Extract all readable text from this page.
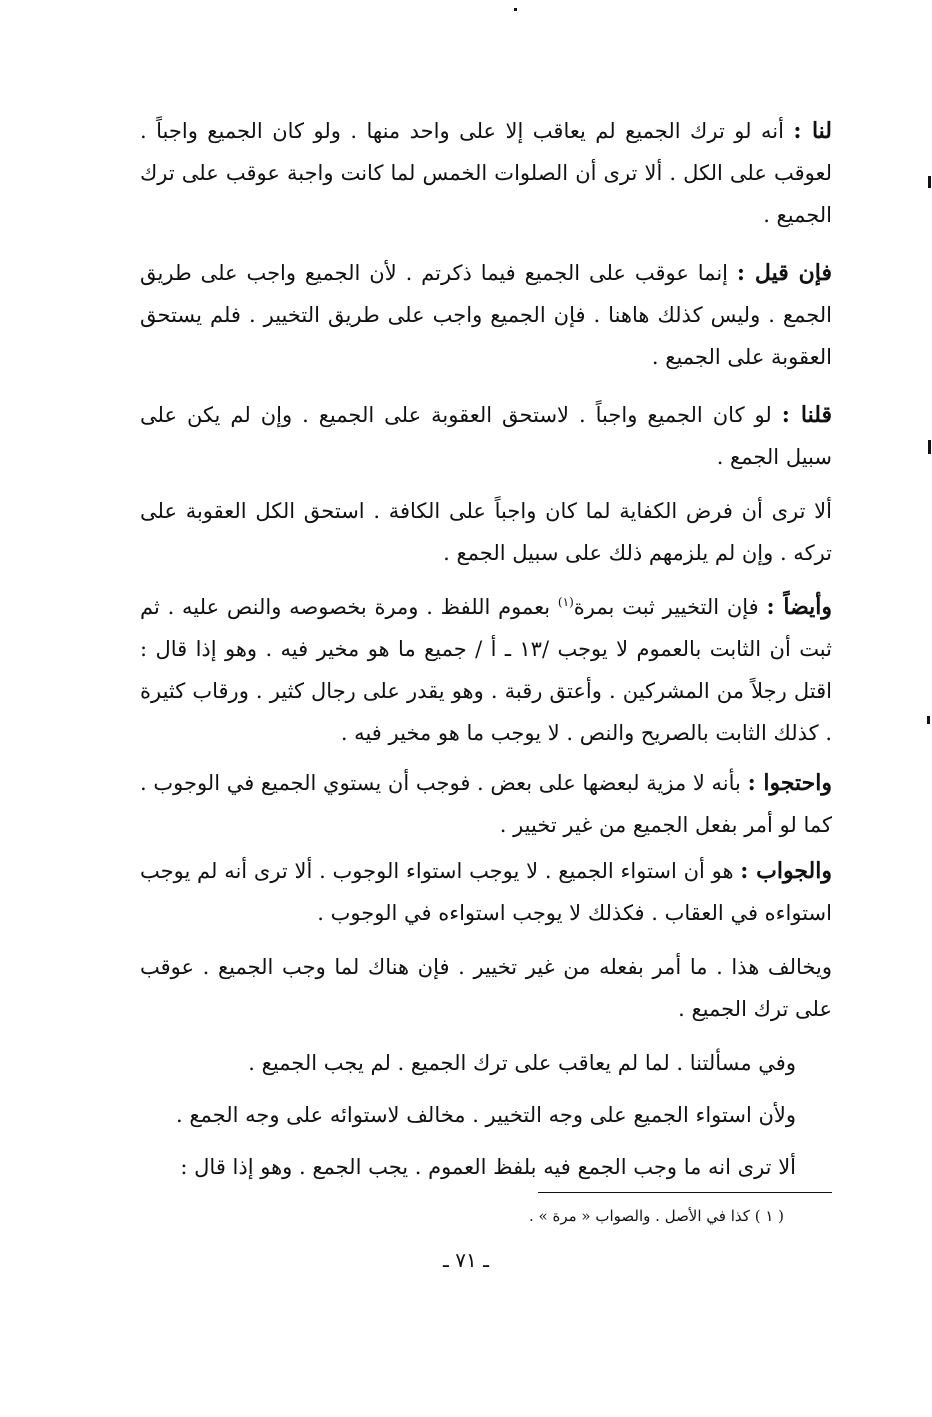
لنا : أنه لو ترك الجميع لم يعاقب إلا على واحد منها . ولو كان الجميع واجباً . لعوقب على الكل . ألا ترى أن الصلوات الخمس لما كانت واجبة عوقب على ترك الجميع .

فإن قيل : إنما عوقب على الجميع فيما ذكرتم . لأن الجميع واجب على طريق الجمع . وليس كذلك هاهنا . فإن الجميع واجب على طريق التخيير . فلم يستحق العقوبة على الجميع .

قلنا : لو كان الجميع واجباً . لاستحق العقوبة على الجميع . وإن لم يكن على سبيل الجمع .

ألا ترى أن فرض الكفاية لما كان واجباً على الكافة . استحق الكل العقوبة على تركه . وإن لم يلزمهم ذلك على سبيل الجمع .

وأيضاً : فإن التخيير ثبت بمرة$^{(١)}$ بعموم اللفظ . ومرة بخصوصه والنص عليه . ثم ثبت أن الثابت بالعموم لا يوجب /١٣ ـ أ / جميع ما هو مخير فيه . وهو إذا قال : اقتل رجلاً من المشركين . وأعتق رقبة . وهو يقدر على رجال كثير . ورقاب كثيرة . كذلك الثابت بالصريح والنص . لا يوجب ما هو مخير فيه .

واحتجوا : بأنه لا مزية لبعضها على بعض . فوجب أن يستوي الجميع في الوجوب . كما لو أمر بفعل الجميع من غير تخيير .

والجواب : هو أن استواء الجميع . لا يوجب استواء الوجوب . ألا ترى أنه لم يوجب استواءه في العقاب . فكذلك لا يوجب استواءه في الوجوب .

ويخالف هذا . ما أمر بفعله من غير تخيير . فإن هناك لما وجب الجميع . عوقب على ترك الجميع .

وفي مسألتنا . لما لم يعاقب على ترك الجميع . لم يجب الجميع .

ولأن استواء الجميع على وجه التخيير . مخالف لاستوائه على وجه الجمع .

ألا ترى انه ما وجب الجمع فيه بلفظ العموم . يجب الجمع . وهو إذا قال :

( ١ ) كذا في الأصل . والصواب « مرة » .
ـ ٧١ ـ
